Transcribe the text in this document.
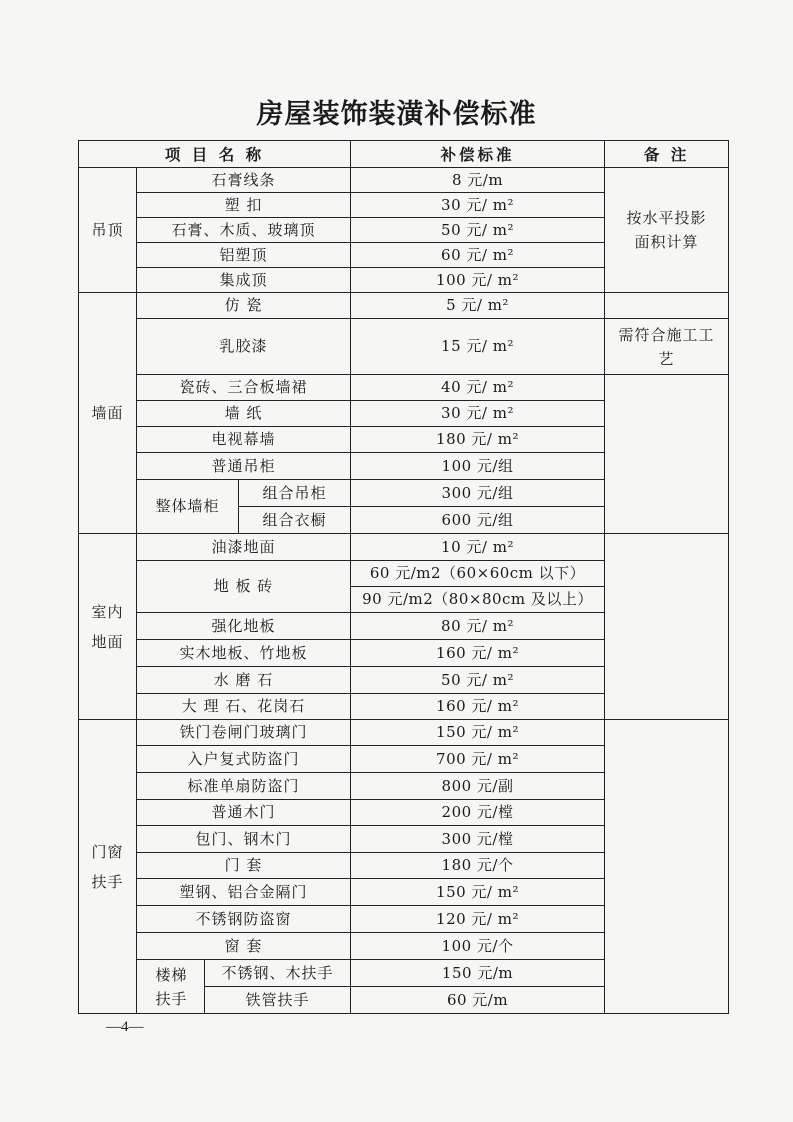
房屋装饰装潢补偿标准
项 目 名 称				补偿标准	备 注
吊顶	石膏线条			8 元/m	按水平投影面积计算
	塑 扣			30 元/ m²	
	石膏、木质、玻璃顶			50 元/ m²	
	铝塑顶			60 元/ m²	
	集成顶			100 元/ m²	
墙面	仿 瓷			5 元/ m²	
	乳胶漆			15 元/ m²	需符合施工工艺
	瓷砖、三合板墙裙			40 元/ m²	
	墙 纸			30 元/ m²	
	电视幕墙			180 元/ m²	
	普通吊柜			100 元/组	
	整体墙柜		组合吊柜	300 元/组	
			组合衣橱	600 元/组	
室内地面	油漆地面			10 元/ m²	
	地 板 砖			60 元/m2（60×60cm 以下）	
				90 元/m2（80×80cm 及以上）	
	强化地板			80 元/ m²	
	实木地板、竹地板			160 元/ m²	
	水 磨 石			50 元/ m²	
	大 理 石、花岗石			160 元/ m²	
门窗扶手	铁门卷闸门玻璃门			150 元/ m²	
	入户复式防盗门			700 元/ m²	
	标准单扇防盗门			800 元/副	
	普通木门			200 元/樘	
	包门、钢木门			300 元/樘	
	门 套			180 元/个	
	塑钢、铝合金隔门			150 元/ m²	
	不锈钢防盗窗			120 元/ m²	
	窗 套			100 元/个	
	楼梯扶手	不锈钢、木扶手		150 元/m	
		铁管扶手		60 元/m	
—4—
